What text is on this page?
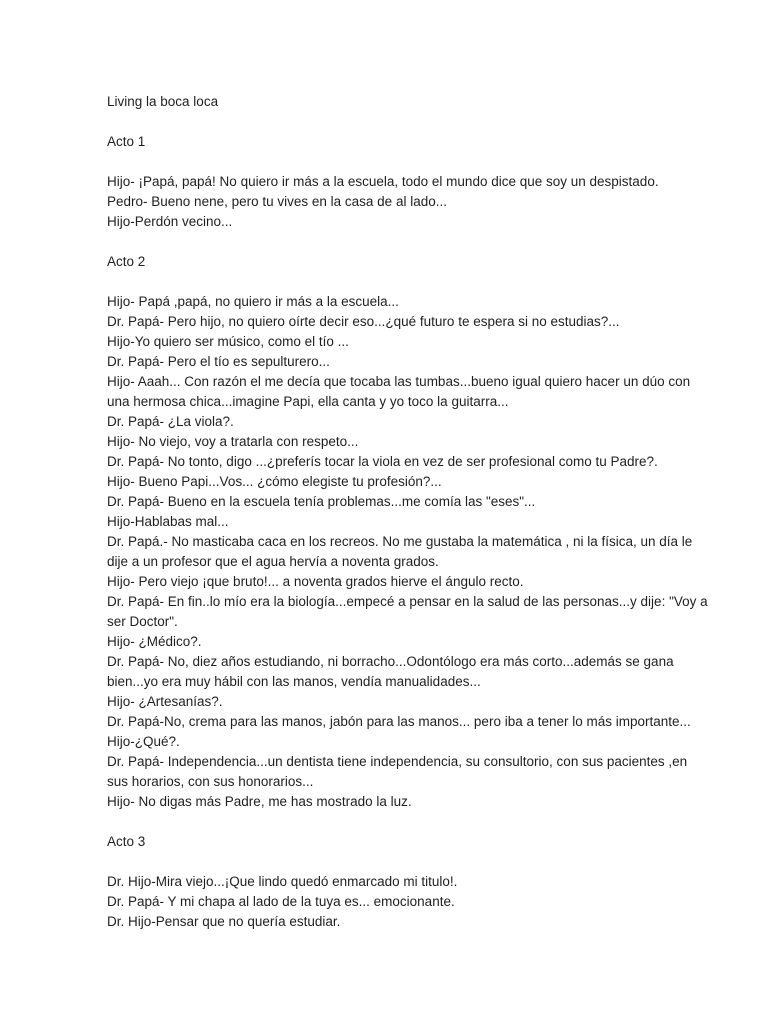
Living la boca loca

Acto 1

Hijo- ¡Papá, papá! No quiero ir más a la escuela, todo el mundo dice que soy un despistado.

Pedro- Bueno nene, pero tu vives en la casa de al lado...

Hijo-Perdón vecino...

Acto 2

Hijo- Papá ,papá, no quiero ir más a la escuela...

Dr. Papá- Pero hijo, no quiero oírte decir eso...¿qué futuro te espera si no estudias?...

Hijo-Yo quiero ser músico, como el tío ...

Dr. Papá- Pero el tío es sepulturero...

Hijo- Aaah... Con razón el me decía que tocaba las tumbas...bueno igual quiero hacer un dúo con

una hermosa chica...imagine Papi, ella canta y yo toco la guitarra...

Dr. Papá- ¿La viola?.

Hijo- No viejo, voy a tratarla con respeto...

Dr. Papá- No tonto, digo ...¿preferís tocar la viola en vez de ser profesional como tu Padre?.

Hijo- Bueno Papi...Vos... ¿cómo elegiste tu profesión?...

Dr. Papá- Bueno en la escuela tenía problemas...me comía las "eses"...

Hijo-Hablabas mal...

Dr. Papá.- No masticaba caca en los recreos. No me gustaba la matemática , ni la física, un día le

dije a un profesor que el agua hervía a noventa grados.

Hijo- Pero viejo ¡que bruto!... a noventa grados hierve el ángulo recto.

Dr. Papá- En fin..lo mío era la biología...empecé a pensar en la salud de las personas...y dije: "Voy a

ser Doctor".

Hijo- ¿Médico?.

Dr. Papá- No, diez años estudiando, ni borracho...Odontólogo era más corto...además se gana

bien...yo era muy hábil con las manos, vendía manualidades...

Hijo- ¿Artesanías?.

Dr. Papá-No, crema para las manos, jabón para las manos... pero iba a tener lo más importante...

Hijo-¿Qué?.

Dr. Papá- Independencia...un dentista tiene independencia, su consultorio, con sus pacientes ,en

sus horarios, con sus honorarios...

Hijo- No digas más Padre, me has mostrado la luz.

Acto 3

Dr. Hijo-Mira viejo...¡Que lindo quedó enmarcado mi titulo!.

Dr. Papá- Y mi chapa al lado de la tuya es... emocionante.

Dr. Hijo-Pensar que no quería estudiar.
